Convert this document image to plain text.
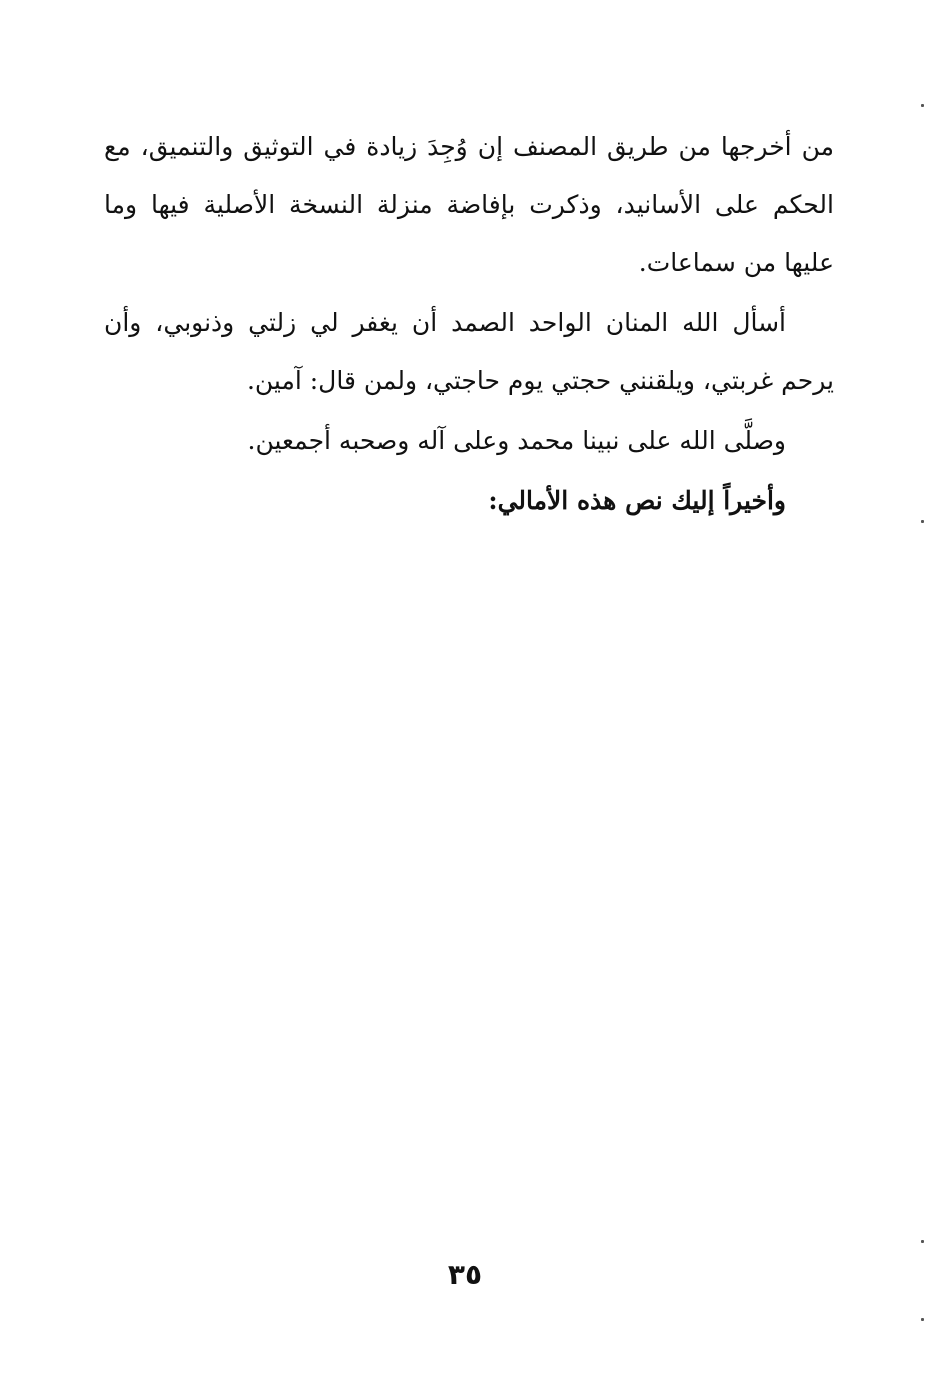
من أخرجها من طريق المصنف إن وُجِدَ زيادة في التوثيق والتنميق، مع الحكم على الأسانيد، وذكرت بإفاضة منزلة النسخة الأصلية فيها وما عليها من سماعات.

أسأل الله المنان الواحد الصمد أن يغفر لي زلتي وذنوبي، وأن يرحم غربتي، ويلقنني حجتي يوم حاجتي، ولمن قال: آمين.

وصلَّى الله على نبينا محمد وعلى آله وصحبه أجمعين.

وأخيراً إليك نص هذه الأمالي:

٣٥
